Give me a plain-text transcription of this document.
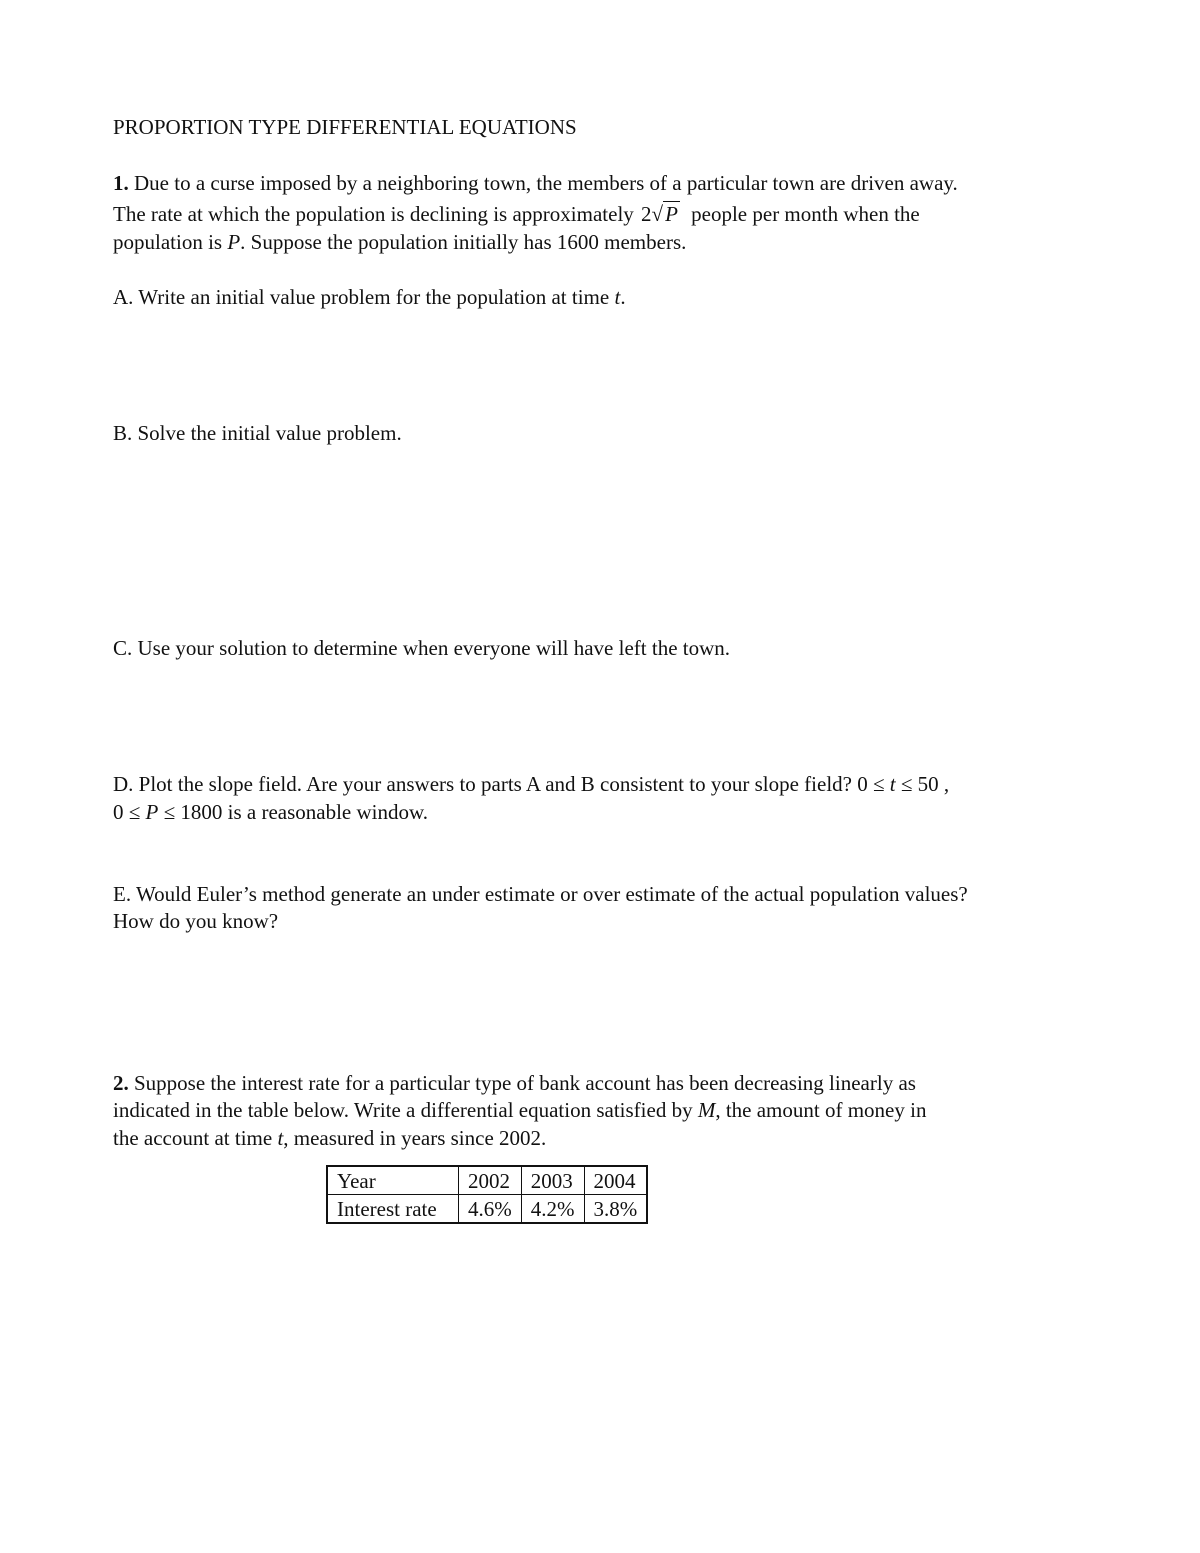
PROPORTION TYPE DIFFERENTIAL EQUATIONS
1. Due to a curse imposed by a neighboring town, the members of a particular town are driven away.
The rate at which the population is declining is approximately 2√P people per month when the
population is P. Suppose the population initially has 1600 members.
A. Write an initial value problem for the population at time t.
B. Solve the initial value problem.
C. Use your solution to determine when everyone will have left the town.
D. Plot the slope field. Are your answers to parts A and B consistent to your slope field? 0 ≤ t ≤ 50 ,
0 ≤ P ≤ 1800 is a reasonable window.
E. Would Euler’s method generate an under estimate or over estimate of the actual population values?
How do you know?
2. Suppose the interest rate for a particular type of bank account has been decreasing linearly as
indicated in the table below. Write a differential equation satisfied by M, the amount of money in
the account at time t, measured in years since 2002.
Year	2002	2003	2004
Interest rate	4.6%	4.2%	3.8%
